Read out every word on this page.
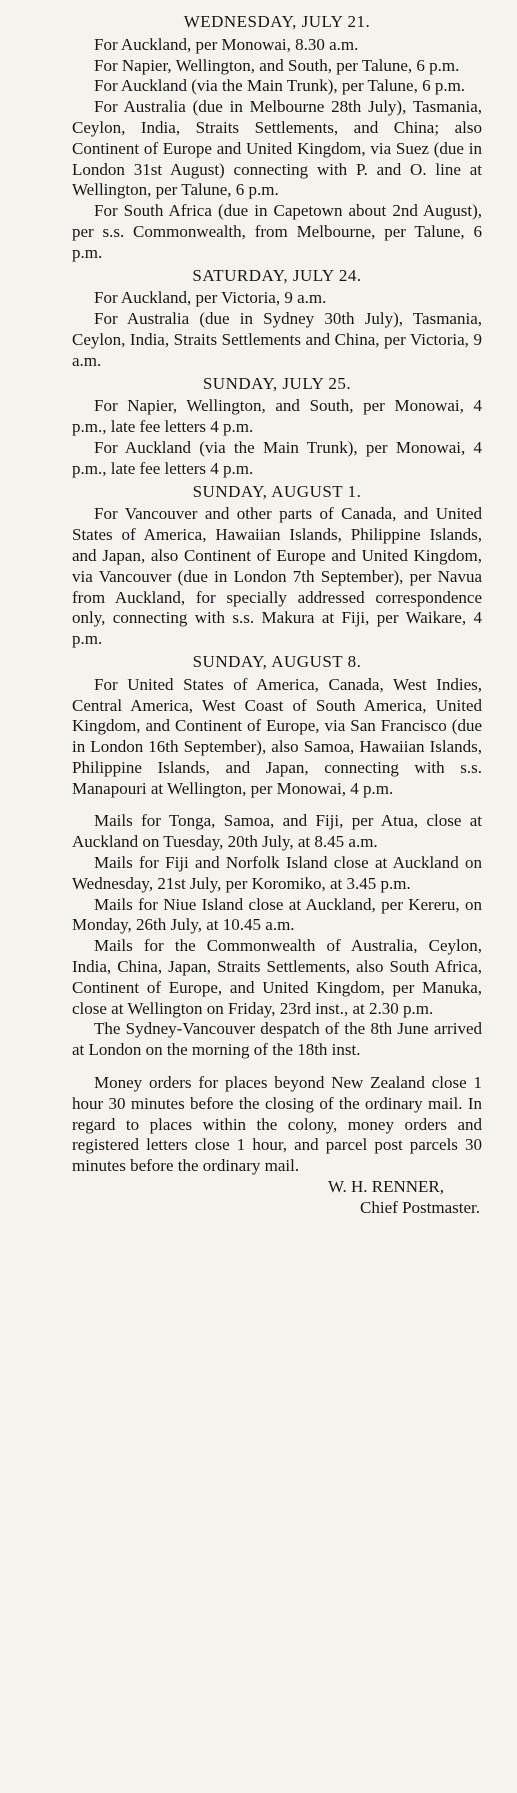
WEDNESDAY, JULY 21.

For Auckland, per Monowai, 8.30 a.m.

For Napier, Wellington, and South, per Talune, 6 p.m.

For Auckland (via the Main Trunk), per Talune, 6 p.m.

For Australia (due in Melbourne 28th July), Tasmania, Ceylon, India, Straits Settlements, and China; also Continent of Europe and United Kingdom, via Suez (due in London 31st August) connecting with P. and O. line at Wellington, per Talune, 6 p.m.

For South Africa (due in Capetown about 2nd August), per s.s. Commonwealth, from Melbourne, per Talune, 6 p.m.

SATURDAY, JULY 24.

For Auckland, per Victoria, 9 a.m.

For Australia (due in Sydney 30th July), Tasmania, Ceylon, India, Straits Settlements and China, per Victoria, 9 a.m.

SUNDAY, JULY 25.

For Napier, Wellington, and South, per Monowai, 4 p.m., late fee letters 4 p.m.

For Auckland (via the Main Trunk), per Monowai, 4 p.m., late fee letters 4 p.m.

SUNDAY, AUGUST 1.

For Vancouver and other parts of Canada, and United States of America, Hawaiian Islands, Philippine Islands, and Japan, also Continent of Europe and United Kingdom, via Vancouver (due in London 7th September), per Navua from Auckland, for specially addressed correspondence only, connecting with s.s. Makura at Fiji, per Waikare, 4 p.m.

SUNDAY, AUGUST 8.

For United States of America, Canada, West Indies, Central America, West Coast of South America, United Kingdom, and Continent of Europe, via San Francisco (due in London 16th September), also Samoa, Hawaiian Islands, Philippine Islands, and Japan, connecting with s.s. Manapouri at Wellington, per Monowai, 4 p.m.

Mails for Tonga, Samoa, and Fiji, per Atua, close at Auckland on Tuesday, 20th July, at 8.45 a.m.

Mails for Fiji and Norfolk Island close at Auckland on Wednesday, 21st July, per Koromiko, at 3.45 p.m.

Mails for Niue Island close at Auckland, per Kereru, on Monday, 26th July, at 10.45 a.m.

Mails for the Commonwealth of Australia, Ceylon, India, China, Japan, Straits Settlements, also South Africa, Continent of Europe, and United Kingdom, per Manuka, close at Wellington on Friday, 23rd inst., at 2.30 p.m.

The Sydney-Vancouver despatch of the 8th June arrived at London on the morning of the 18th inst.

Money orders for places beyond New Zealand close 1 hour 30 minutes before the closing of the ordinary mail. In regard to places within the colony, money orders and registered letters close 1 hour, and parcel post parcels 30 minutes before the ordinary mail.

W. H. RENNER,

Chief Postmaster.
